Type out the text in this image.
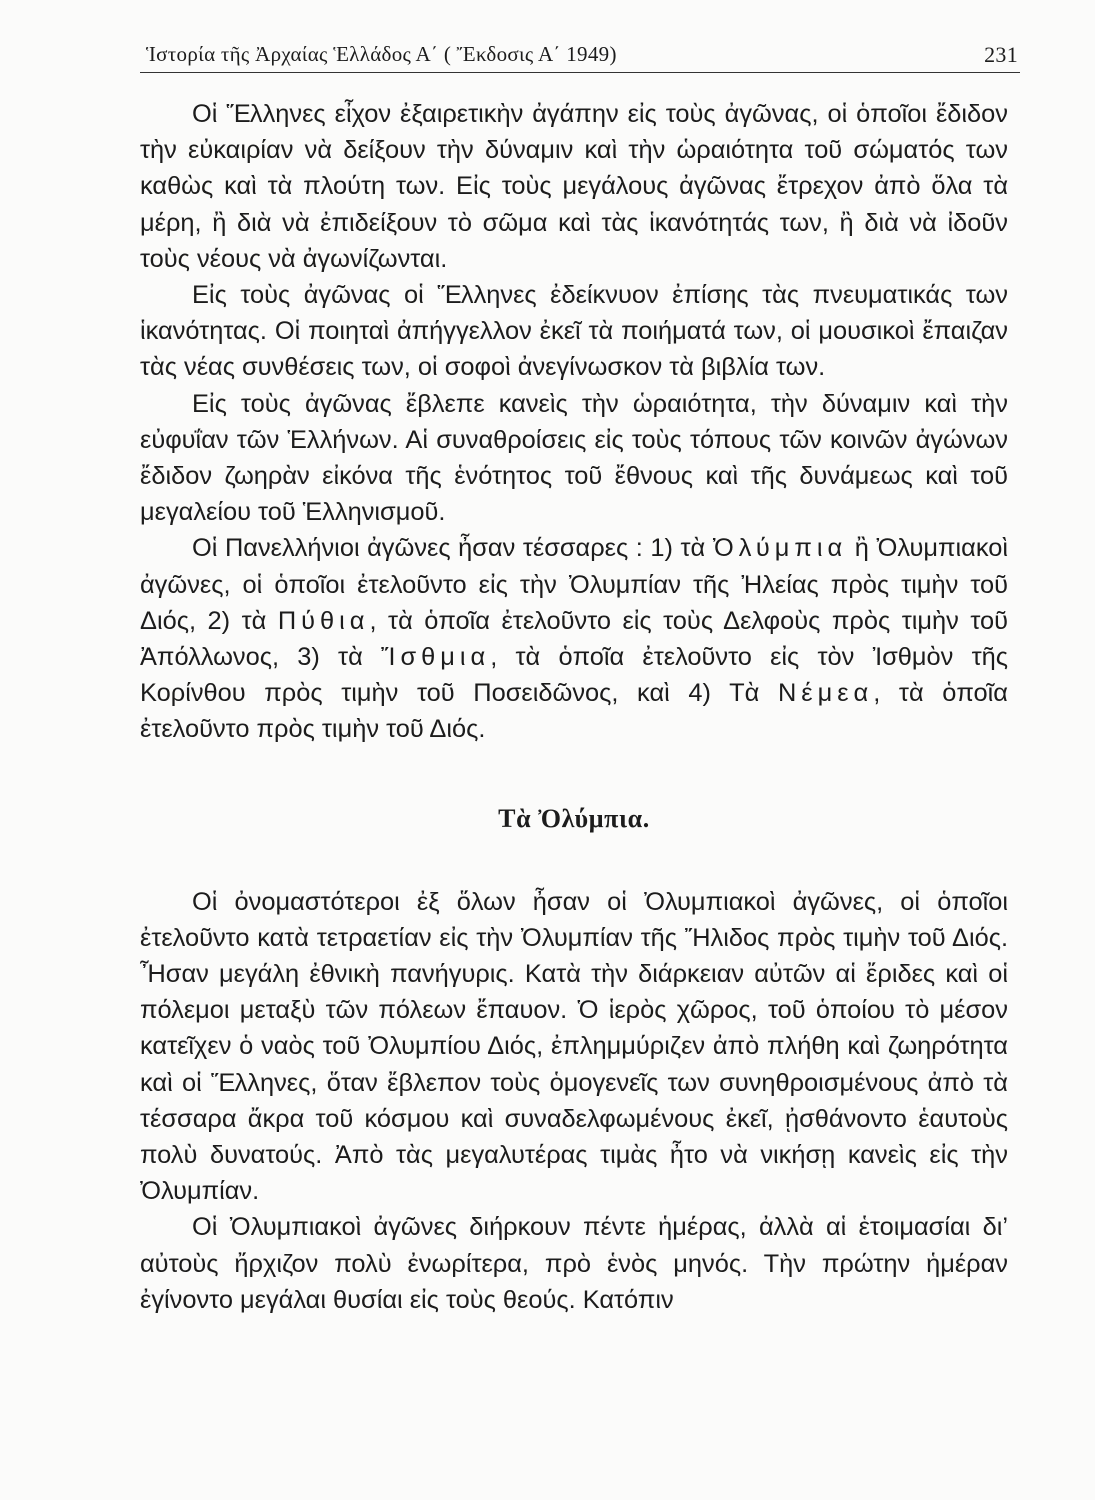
Ἱστορία τῆς Ἀρχαίας Ἑλλάδος Α΄ ( Ἔκδοσις Α΄ 1949)	231

Οἱ Ἕλληνες εἶχον ἐξαιρετικὴν ἀγάπην εἰς τοὺς ἀγῶνας, οἱ ὁποῖοι ἔδιδον τὴν εὐκαιρίαν νὰ δείξουν τὴν δύναμιν καὶ τὴν ὡραιότητα τοῦ σώματός των καθὼς καὶ τὰ πλούτη των. Εἰς τοὺς μεγάλους ἀγῶνας ἔτρεχον ἀπὸ ὅλα τὰ μέρη, ἢ διὰ νὰ ἐπιδείξουν τὸ σῶμα καὶ τὰς ἱκανότητάς των, ἢ διὰ νὰ ἰδοῦν τοὺς νέους νὰ ἀγωνίζωνται.

Εἰς τοὺς ἀγῶνας οἱ Ἕλληνες ἐδείκνυον ἐπίσης τὰς πνευματικάς των ἱκανότητας. Οἱ ποιηταὶ ἀπήγγελλον ἐκεῖ τὰ ποιήματά των, οἱ μουσικοὶ ἔπαιζαν τὰς νέας συνθέσεις των, οἱ σοφοὶ ἀνεγίνωσκον τὰ βιβλία των.

Εἰς τοὺς ἀγῶνας ἔβλεπε κανεὶς τὴν ὡραιότητα, τὴν δύναμιν καὶ τὴν εὐφυΐαν τῶν Ἑλλήνων. Αἱ συναθροίσεις εἰς τοὺς τόπους τῶν κοινῶν ἀγώνων ἔδιδον ζωηρὰν εἰκόνα τῆς ἑνότητος τοῦ ἔθνους καὶ τῆς δυνάμεως καὶ τοῦ μεγαλείου τοῦ Ἑλληνισμοῦ.

Οἱ Πανελλήνιοι ἀγῶνες ἦσαν τέσσαρες : 1) τὰ Ὀλύμπια ἢ Ὀλυμπιακοὶ ἀγῶνες, οἱ ὁποῖοι ἐτελοῦντο εἰς τὴν Ὀλυμπίαν τῆς Ἠλείας πρὸς τιμὴν τοῦ Διός, 2) τὰ Πύθια, τὰ ὁποῖα ἐτελοῦντο εἰς τοὺς Δελφοὺς πρὸς τιμὴν τοῦ Ἀπόλλωνος, 3) τὰ Ἴσθμια, τὰ ὁποῖα ἐτελοῦντο εἰς τὸν Ἰσθμὸν τῆς Κορίνθου πρὸς τιμὴν τοῦ Ποσειδῶνος, καὶ 4) Τὰ Νέμεα, τὰ ὁποῖα ἐτελοῦντο πρὸς τιμὴν τοῦ Διός.

Τὰ Ὀλύμπια.

Οἱ ὀνομαστότεροι ἐξ ὅλων ἦσαν οἱ Ὀλυμπιακοὶ ἀγῶνες, οἱ ὁποῖοι ἐτελοῦντο κατὰ τετραετίαν εἰς τὴν Ὀλυμπίαν τῆς Ἤλιδος πρὸς τιμὴν τοῦ Διός. Ἦσαν μεγάλη ἐθνικὴ πανήγυρις. Κατὰ τὴν διάρκειαν αὐτῶν αἱ ἔριδες καὶ οἱ πόλεμοι μεταξὺ τῶν πόλεων ἔπαυον. Ὁ ἱερὸς χῶρος, τοῦ ὁποίου τὸ μέσον κατεῖχεν ὁ ναὸς τοῦ Ὀλυμπίου Διός, ἐπλημμύριζεν ἀπὸ πλήθη καὶ ζωηρότητα καὶ οἱ Ἕλληνες, ὅταν ἔβλεπον τοὺς ὁμογενεῖς των συνηθροισμένους ἀπὸ τὰ τέσσαρα ἄκρα τοῦ κόσμου καὶ συναδελφωμένους ἐκεῖ, ᾐσθάνοντο ἑαυτοὺς πολὺ δυνατούς. Ἀπὸ τὰς μεγαλυτέρας τιμὰς ἦτο νὰ νικήσῃ κανεὶς εἰς τὴν Ὀλυμπίαν.

Οἱ Ὀλυμπιακοὶ ἀγῶνες διήρκουν πέντε ἡμέρας, ἀλλὰ αἱ ἑτοιμασίαι δι’ αὐτοὺς ἤρχιζον πολὺ ἐνωρίτερα, πρὸ ἑνὸς μηνός. Τὴν πρώτην ἡμέραν ἐγίνοντο μεγάλαι θυσίαι εἰς τοὺς θεούς. Κατόπιν
